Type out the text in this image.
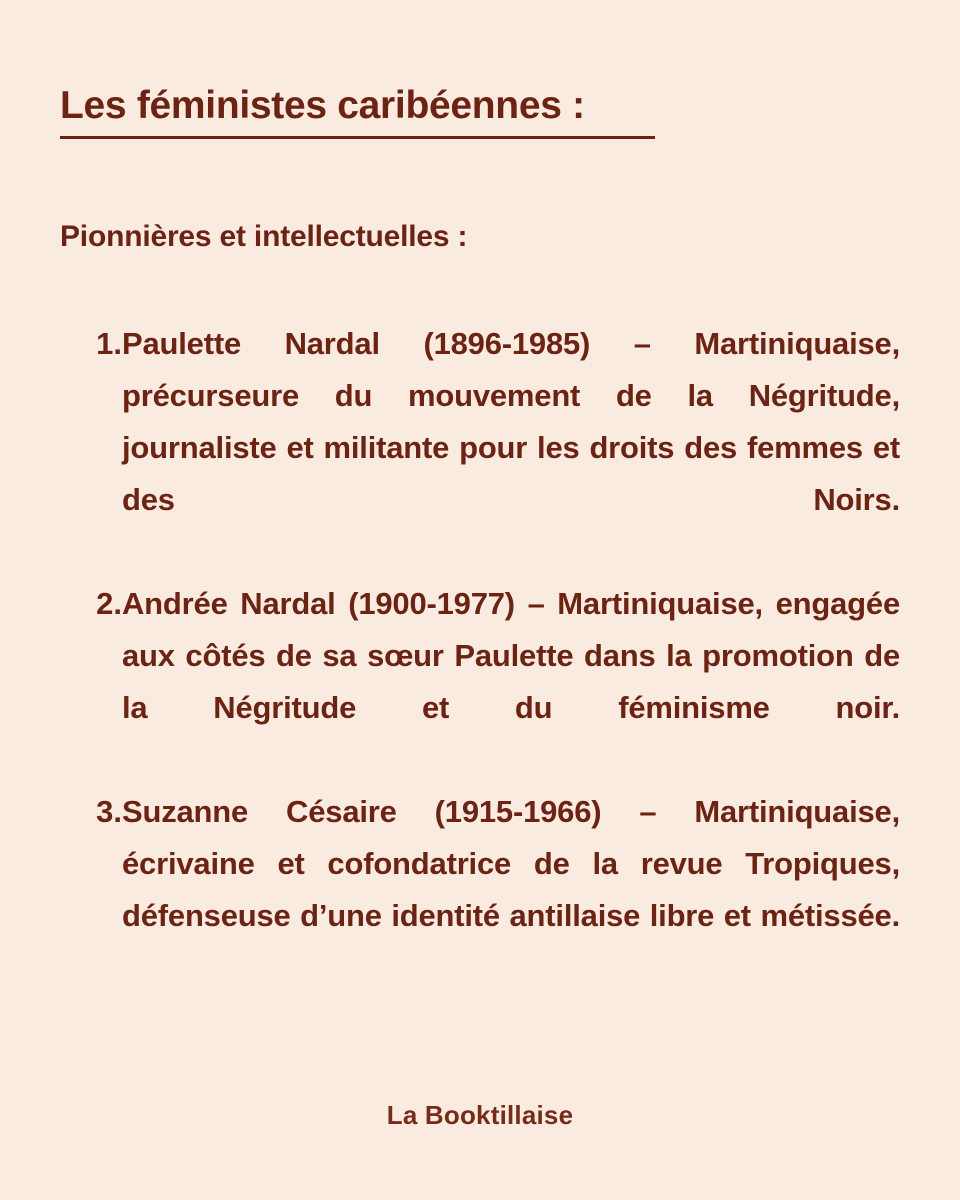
Les féministes caribéennes :
Pionnières et intellectuelles :
1. Paulette Nardal (1896-1985) – Martiniquaise, précurseure du mouvement de la Négritude, journaliste et militante pour les droits des femmes et des Noirs.
2. Andrée Nardal (1900-1977) – Martiniquaise, engagée aux côtés de sa sœur Paulette dans la promotion de la Négritude et du féminisme noir.
3. Suzanne Césaire (1915-1966) – Martiniquaise, écrivaine et cofondatrice de la revue Tropiques, défenseuse d’une identité antillaise libre et métissée.
La Booktillaise
